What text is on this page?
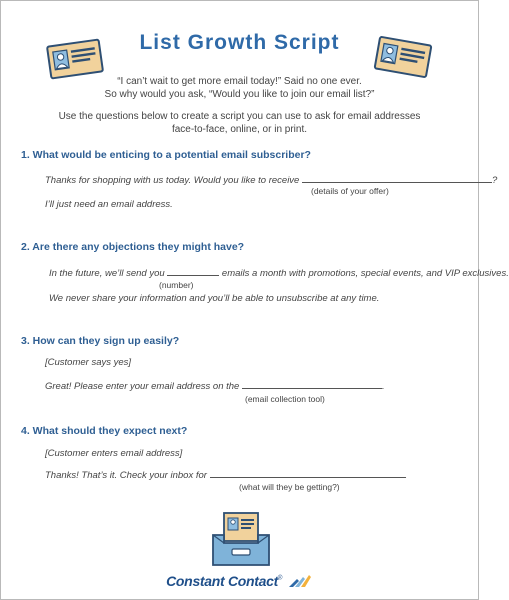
List Growth Script
“I can’t wait to get more email today!” Said no one ever.
So why would you ask, “Would you like to join our email list?”
Use the questions below to create a script you can use to ask for email addresses
face-to-face, online, or in print.
1. What would be enticing to a potential email subscriber?
Thanks for shopping with us today. Would you like to receive	?
(details of your offer)
I’ll just need an email address.
2. Are there any objections they might have?
In the future, we’ll send you	emails a month with promotions, special events, and VIP exclusives.
(number)
We never share your information and you’ll be able to unsubscribe at any time.
3. How can they sign up easily?
[Customer says yes]
Great! Please enter your email address on the	.
(email collection tool)
4. What should they expect next?
[Customer enters email address]
Thanks! That’s it. Check your inbox for	.
(what will they be getting?)
Constant Contact®
